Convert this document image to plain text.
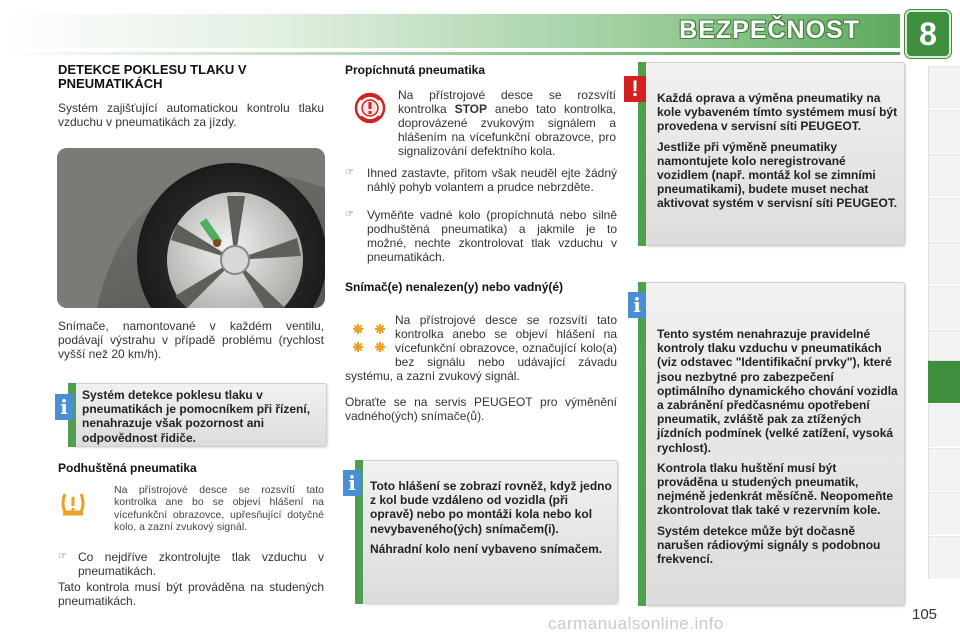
BEZPEČNOST	8
DETEKCE POKLESU TLAKU V PNEUMATIKÁCH
Systém zajišťující automatickou kontrolu tlaku vzduchu v pneumatikách za jízdy.
Snímače, namontované v každém ventilu, podávají výstrahu v případě problému (rychlost vyšší než 20 km/h).
i	Systém detekce poklesu tlaku v pneumatikách je pomocníkem při řízení, nenahrazuje však pozornost ani odpovědnost řidiče.
Podhuštěná pneumatika
Na přístrojové desce se rozsvítí tato kontrolka ane bo se objeví hlášení na vícefunkční obrazovce, upřesňující dotyčné kolo, a zazní zvukový signál.
☞ Co nejdříve zkontrolujte tlak vzduchu v pneumatikách.
Tato kontrola musí být prováděna na studených pneumatikách.
Propíchnutá pneumatika
Na přístrojové desce se rozsvítí kontrolka STOP anebo tato kontrolka, doprovázené zvukovým signálem a hlášením na vícefunkční obrazovce, pro signalizování defektního kola.
☞ Ihned zastavte, přitom však neuděl ejte žádný náhlý pohyb volantem a prudce nebrzděte.
☞ Vyměňte vadné kolo (propíchnutá nebo silně podhuštěná pneumatika) a jakmile je to možné, nechte zkontrolovat tlak vzduchu v pneumatikách.
Snímač(e) nenalezen(y) nebo vadný(é)
Na přístrojové desce se rozsvítí tato kontrolka anebo se objeví hlášení na vícefunkční obrazovce, označující kolo(a) bez signálu nebo udávající závadu systému, a zazní zvukový signál.
Obraťte se na servis PEUGEOT pro výměnění vadného(ých) snímače(ů).
i	Toto hlášení se zobrazí rovněž, když jedno z kol bude vzdáleno od vozidla (při opravě) nebo po montáži kola nebo kol nevybaveného(ých) snímačem(i).

Náhradní kolo není vybaveno snímačem.

!	Každá oprava a výměna pneumatiky na kole vybaveném tímto systémem musí být provedena v servisní síti PEUGEOT.

Jestliže při výměně pneumatiky namontujete kolo neregistrované vozidlem (např. montáž kol se zimními pneumatikami), budete muset nechat aktivovat systém v servisní síti PEUGEOT.

i

Tento systém nenahrazuje pravidelné kontroly tlaku vzduchu v pneumatikách (viz odstavec "Identifikační prvky"), které jsou nezbytné pro zabezpečení optimálního dynamického chování vozidla a zabránění předčasnému opotřebení pneumatik, zvláště pak za ztížených jízdních podmínek (velké zatížení, vysoká rychlost).

Kontrola tlaku huštění musí být prováděna u studených pneumatik, nejméně jedenkrát měsíčně. Neopomeňte zkontrolovat tlak také v rezervním kole.

Systém detekce může být dočasně narušen rádiovými signály s podobnou frekvencí.

carmanualsonline.info	105
